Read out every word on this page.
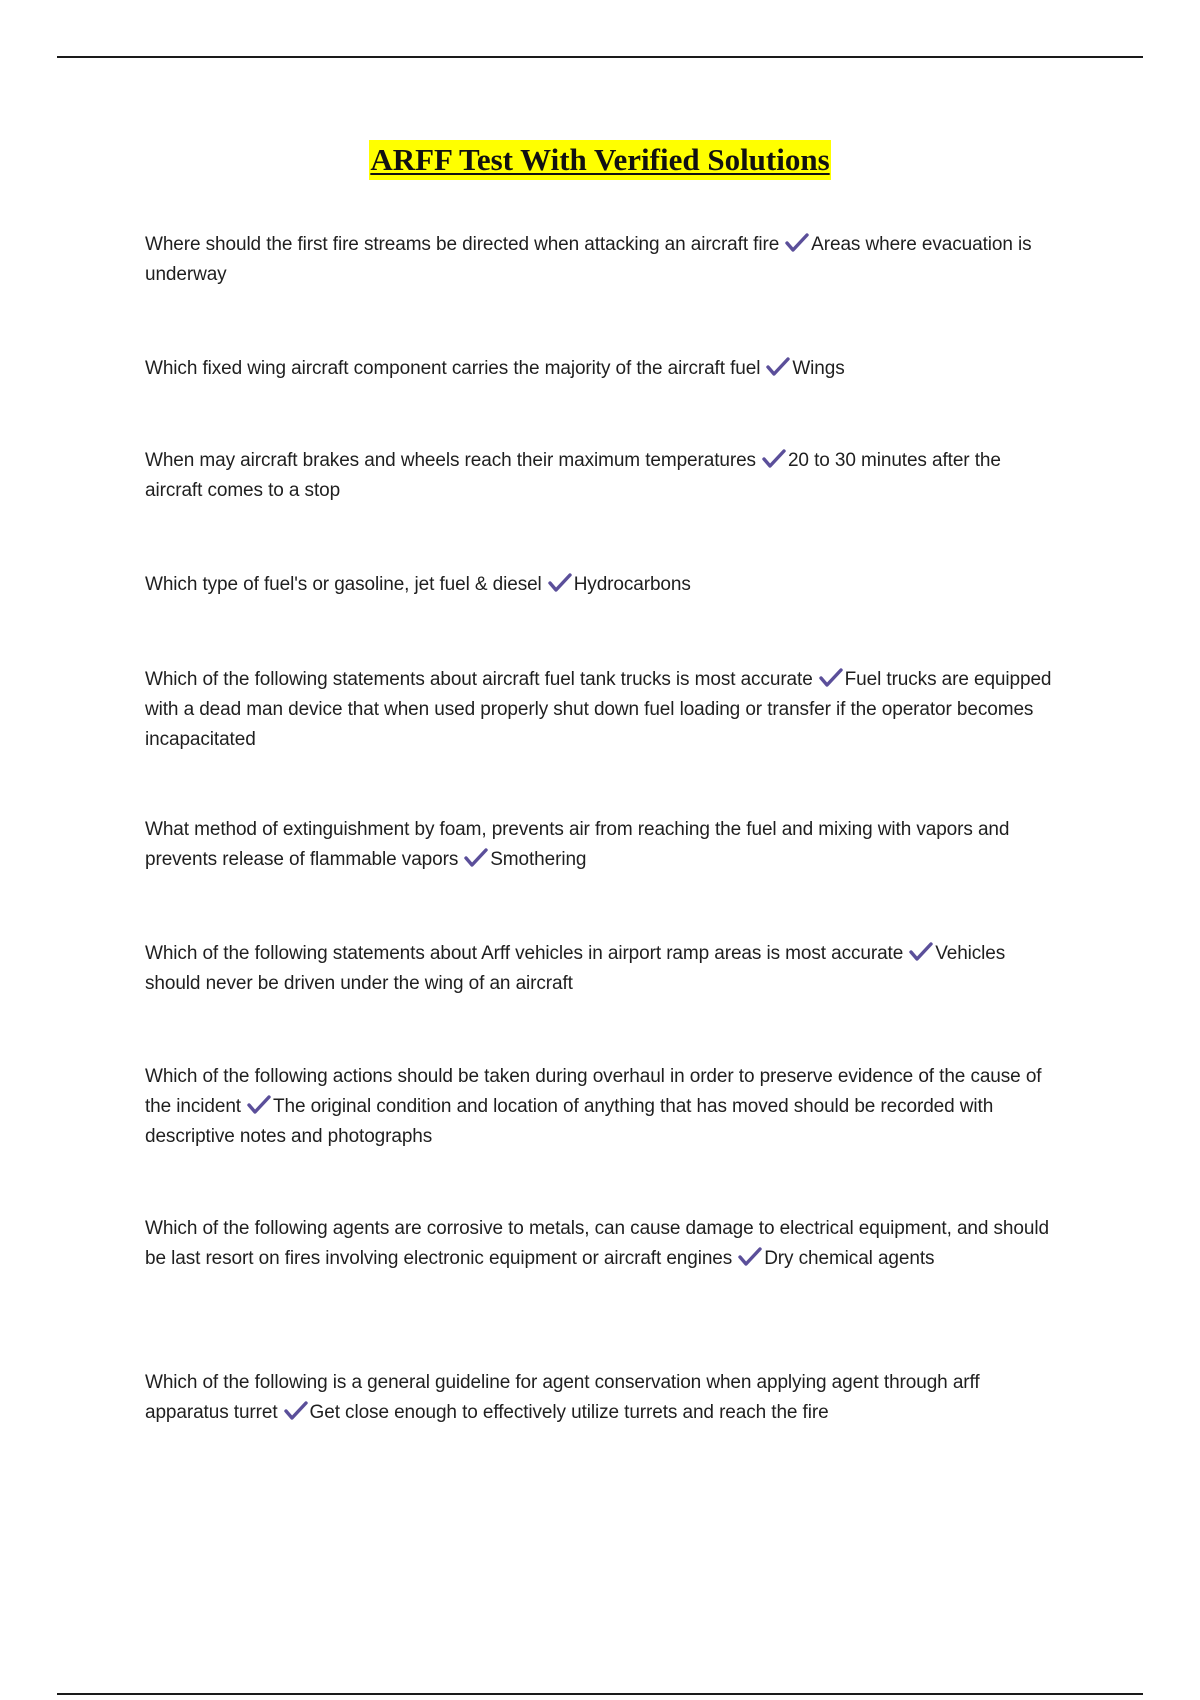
ARFF Test With Verified Solutions

Where should the first fire streams be directed when attacking an aircraft fire Areas where evacuation is underway

Which fixed wing aircraft component carries the majority of the aircraft fuel Wings

When may aircraft brakes and wheels reach their maximum temperatures 20 to 30 minutes after the aircraft comes to a stop

Which type of fuel's or gasoline, jet fuel & diesel Hydrocarbons

Which of the following statements about aircraft fuel tank trucks is most accurate Fuel trucks are equipped with a dead man device that when used properly shut down fuel loading or transfer if the operator becomes incapacitated

What method of extinguishment by foam, prevents air from reaching the fuel and mixing with vapors and prevents release of flammable vapors Smothering

Which of the following statements about Arff vehicles in airport ramp areas is most accurate Vehicles should never be driven under the wing of an aircraft

Which of the following actions should be taken during overhaul in order to preserve evidence of the cause of the incident The original condition and location of anything that has moved should be recorded with descriptive notes and photographs

Which of the following agents are corrosive to metals, can cause damage to electrical equipment, and should be last resort on fires involving electronic equipment or aircraft engines Dry chemical agents

Which of the following is a general guideline for agent conservation when applying agent through arff apparatus turret Get close enough to effectively utilize turrets and reach the fire
